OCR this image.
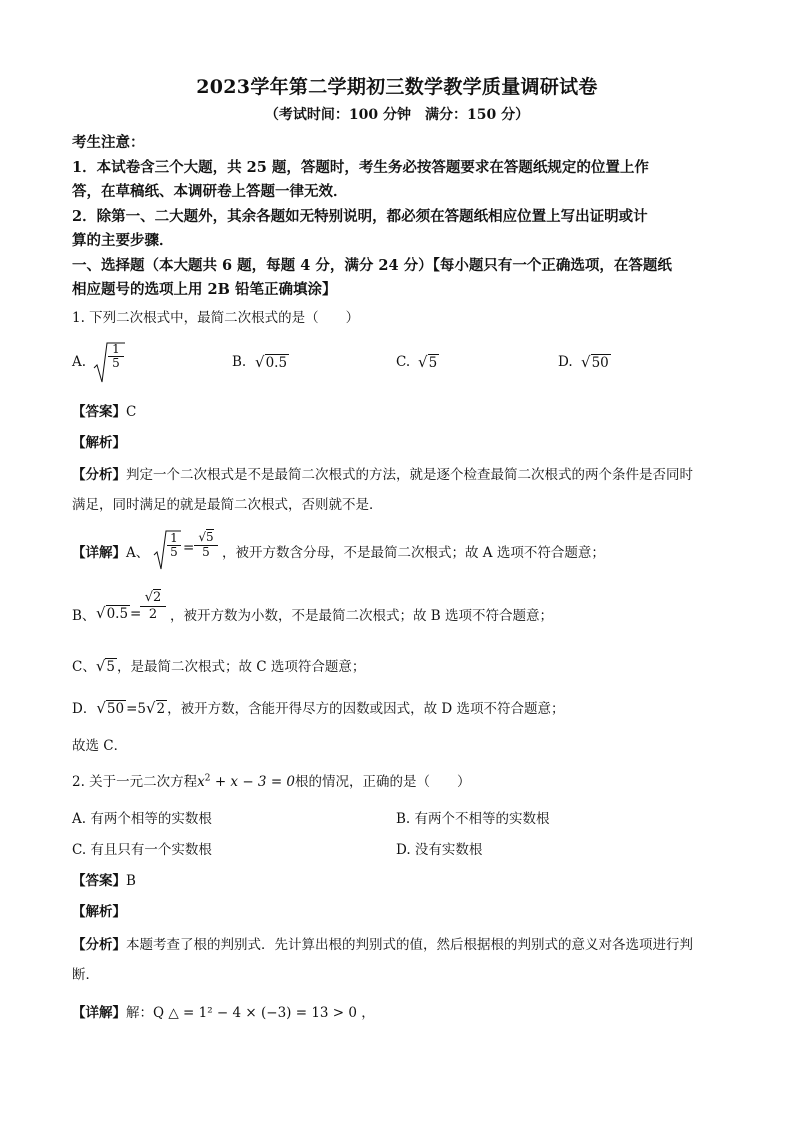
2023学年第二学期初三数学教学质量调研试卷
（考试时间：100 分钟　满分：150 分）
考生注意：
1．本试卷含三个大题，共 25 题，答题时，考生务必按答题要求在答题纸规定的位置上作
答，在草稿纸、本调研卷上答题一律无效．
2．除第一、二大题外，其余各题如无特别说明，都必须在答题纸相应位置上写出证明或计
算的主要步骤．
一、选择题（本大题共 6 题，每题 4 分，满分 24 分）【每小题只有一个正确选项，在答题纸
相应题号的选项上用 2B 铅笔正确填涂】
1. 下列二次根式中，最简二次根式的是（　　）
A. $\frac{1}{5}$	B. √0.5	C. √5	D. √50
【答案】C
【解析】
【分析】判定一个二次根式是不是最简二次根式的方法，就是逐个检查最简二次根式的两个条件是否同时
满足，同时满足的就是最简二次根式，否则就不是．
【详解】A、 $\frac{1}{5} = \frac{√5}{5}$ ，被开方数含分母，不是最简二次根式；故 A 选项不符合题意；
B、 √0.5 =
$\frac{√2}{2}$ ，被开方数为小数，不是最简二次根式；故 B 选项不符合题意；
C、√5 ，是最简二次根式；故 C 选项符合题意；
D．√50 =5√2 ，被开方数，含能开得尽方的因数或因式，故 D 选项不符合题意；
故选 C．
2. 关于一元二次方程$x^2 + x - 3 = 0$根的情况，正确的是（　　）
A. 有两个相等的实数根	B. 有两个不相等的实数根
C. 有且只有一个实数根	D. 没有实数根
【答案】B
【解析】
【分析】本题考查了根的判别式．先计算出根的判别式的值，然后根据根的判别式的意义对各选项进行判
断．
【详解】解：Q △ = 1² − 4 × (−3) = 13 > 0 ，
